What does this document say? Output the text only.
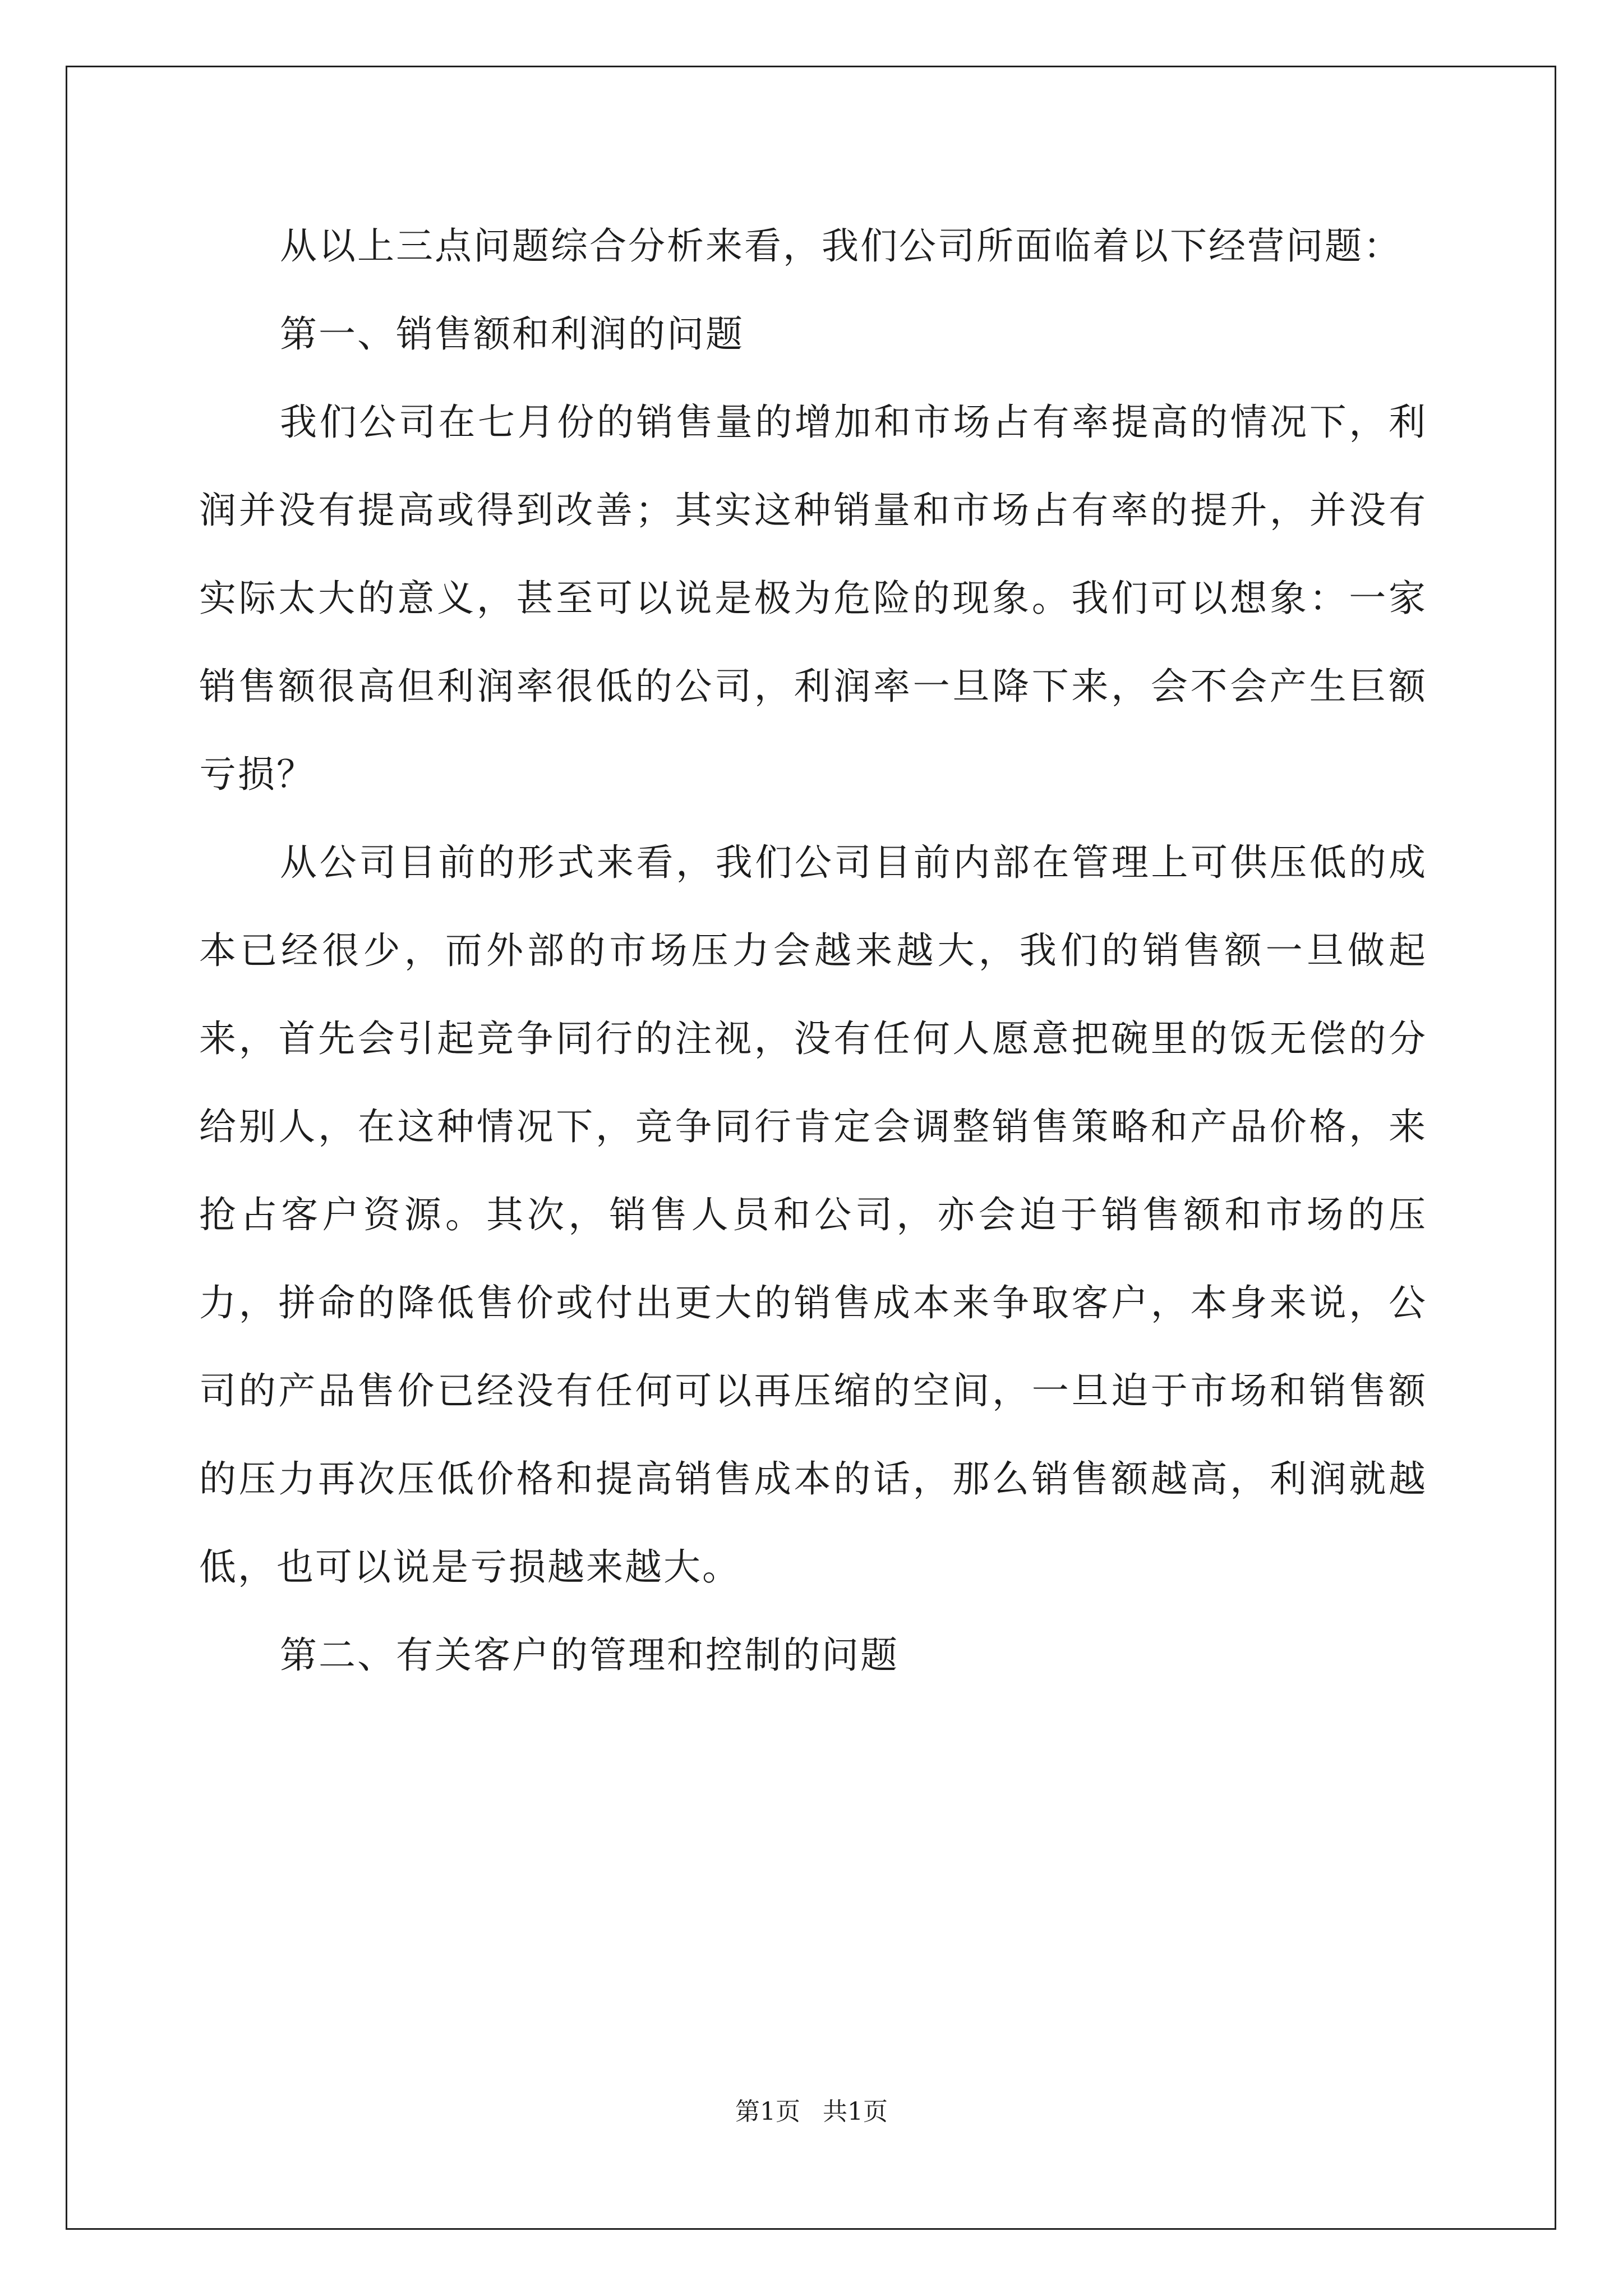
从以上三点问题综合分析来看，我们公司所面临着以下经营问题：

第一、销售额和利润的问题

我们公司在七月份的销售量的增加和市场占有率提高的情况下，利润并没有提高或得到改善；其实这种销量和市场占有率的提升，并没有实际太大的意义，甚至可以说是极为危险的现象。我们可以想象：一家销售额很高但利润率很低的公司，利润率一旦降下来，会不会产生巨额亏损？

从公司目前的形式来看，我们公司目前内部在管理上可供压低的成本已经很少，而外部的市场压力会越来越大，我们的销售额一旦做起来，首先会引起竞争同行的注视，没有任何人愿意把碗里的饭无偿的分给别人，在这种情况下，竞争同行肯定会调整销售策略和产品价格，来抢占客户资源。其次，销售人员和公司，亦会迫于销售额和市场的压力，拼命的降低售价或付出更大的销售成本来争取客户，本身来说，公司的产品售价已经没有任何可以再压缩的空间，一旦迫于市场和销售额的压力再次压低价格和提高销售成本的话，那么销售额越高，利润就越低，也可以说是亏损越来越大。

第二、有关客户的管理和控制的问题

第1页 共1页
